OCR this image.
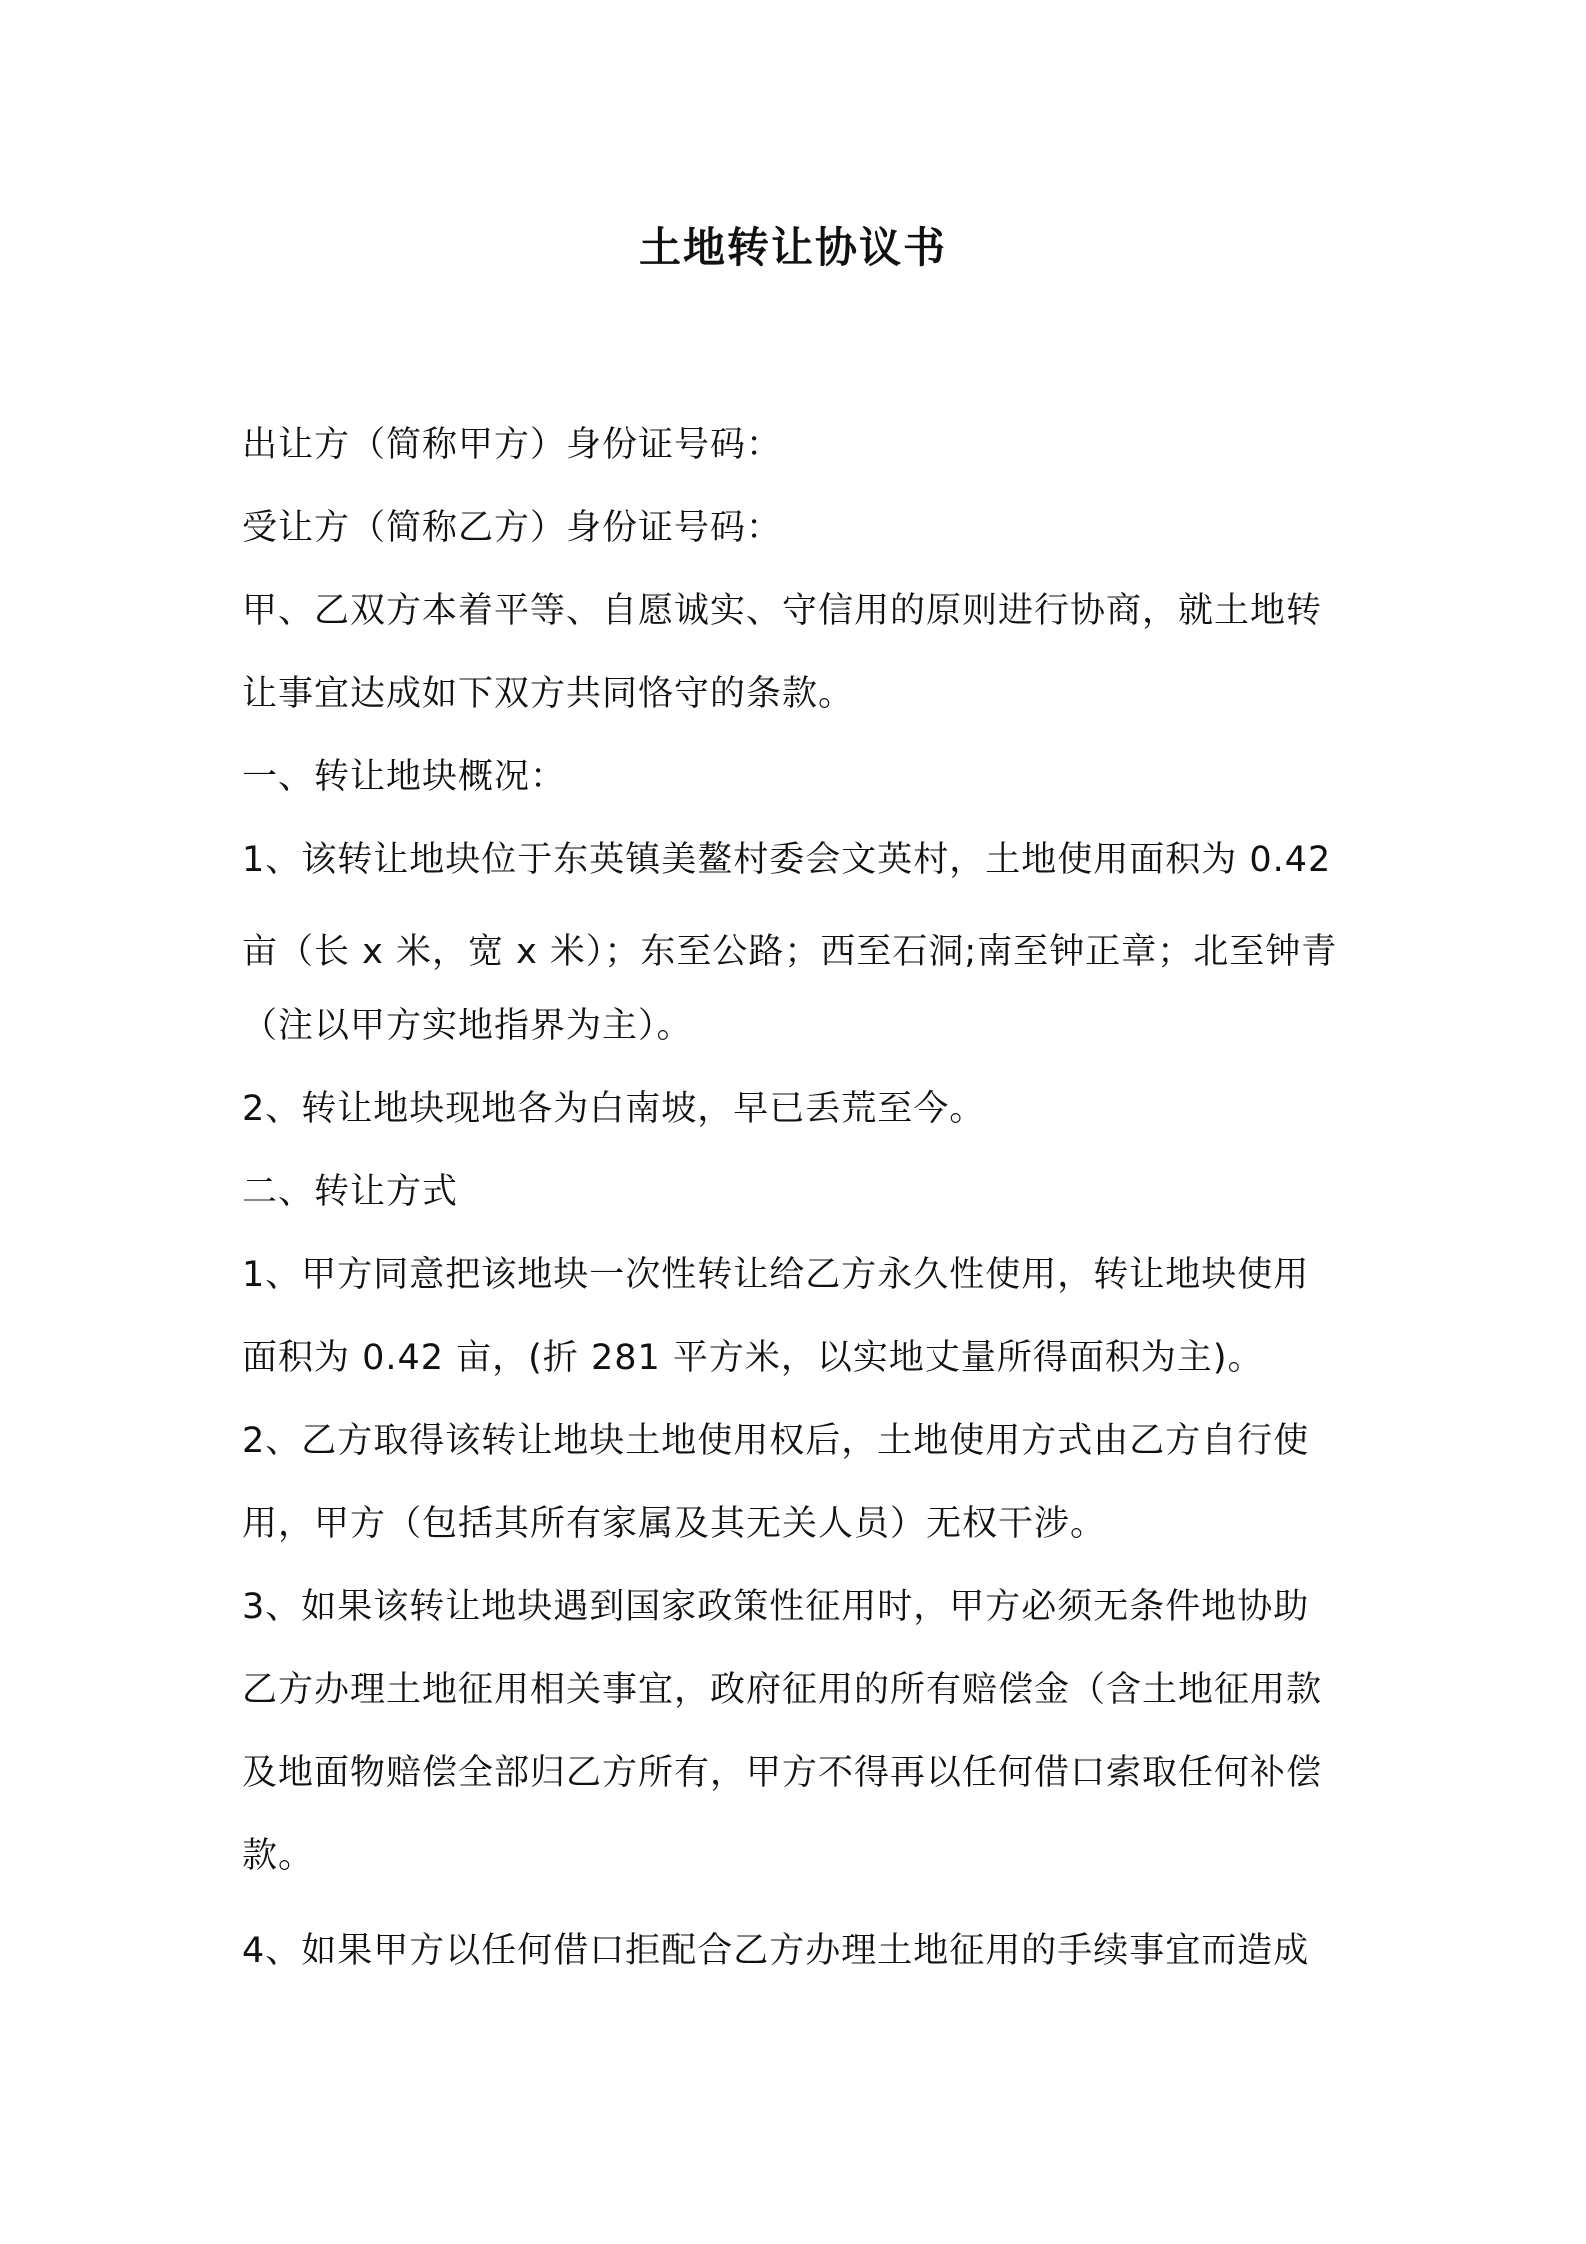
土地转让协议书
出让方（简称甲方）身份证号码：
受让方（简称乙方）身份证号码：
甲、乙双方本着平等、自愿诚实、守信用的原则进行协商，就土地转
让事宜达成如下双方共同恪守的条款。
一、转让地块概况：
1、该转让地块位于东英镇美鳌村委会文英村，土地使用面积为 0.42
亩（长 x 米，宽 x 米）；东至公路；西至石洞;南至钟正章；北至钟青
（注以甲方实地指界为主）。
2、转让地块现地各为白南坡，早已丢荒至今。
二、转让方式
1、甲方同意把该地块一次性转让给乙方永久性使用，转让地块使用
面积为 0.42 亩，(折 281 平方米，以实地丈量所得面积为主)。
2、乙方取得该转让地块土地使用权后，土地使用方式由乙方自行使
用，甲方（包括其所有家属及其无关人员）无权干涉。
3、如果该转让地块遇到国家政策性征用时，甲方必须无条件地协助
乙方办理土地征用相关事宜，政府征用的所有赔偿金（含土地征用款
及地面物赔偿全部归乙方所有，甲方不得再以任何借口索取任何补偿
款。
4、如果甲方以任何借口拒配合乙方办理土地征用的手续事宜而造成
